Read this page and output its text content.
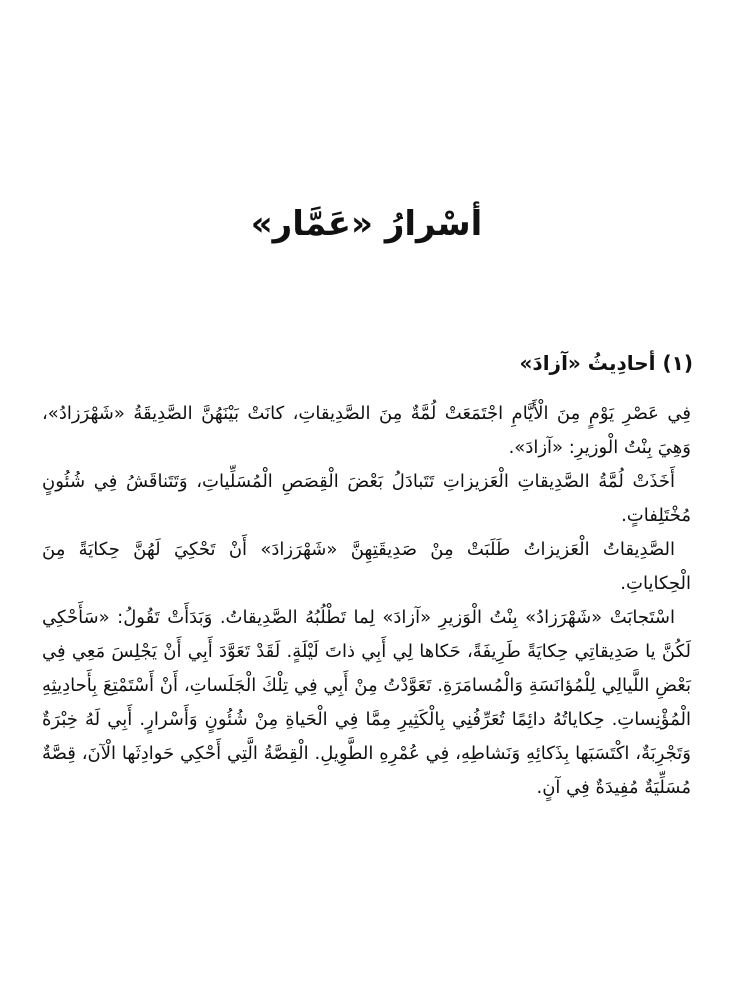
أسْرارُ «عَمَّار»
(١) أحادِيثُ «آزادَ»

فِي عَصْرِ يَوْمٍ مِنَ الْأَيَّامِ اجْتَمَعَتْ لُمَّةٌ مِنَ الصَّدِيقاتِ، كانَتْ بَيْنَهُنَّ الصَّدِيقَةُ «شَهْرَزادُ»، وَهِيَ بِنْتُ الْوزيرِ: «آزادَ».

أَخَذَتْ لُمَّةُ الصَّدِيقاتِ الْعَزيزاتِ تَتَبادَلُ بَعْضَ الْقِصَصِ الْمُسَلِّياتِ، وَتَتَناقَشُ فِي شُئُونٍ مُخْتَلِفاتٍ.

الصَّدِيقاتُ الْعَزيزاتُ طَلَبَتْ مِنْ صَدِيقَتِهِنَّ «شَهْرَزادَ» أَنْ تَحْكِيَ لَهُنَّ حِكايَةً مِنَ الْحِكاياتِ.

اسْتَجابَتْ «شَهْرَزادُ» بِنْتُ الْوَزيرِ «آزادَ» لِما تَطْلُبُهُ الصَّدِيقاتُ. وَبَدَأَتْ تَقُولُ: «سَأَحْكِي لَكُنَّ يا صَدِيقاتِي حِكايَةً طَرِيفَةً، حَكاها لِي أَبِي ذاتَ لَيْلَةٍ. لَقَدْ تَعَوَّدَ أَبِي أَنْ يَجْلِسَ مَعِي فِي بَعْضِ اللَّيالِي لِلْمُؤانَسَةِ وَالْمُسامَرَةِ. تَعَوَّدْتُ مِنْ أَبِي فِي تِلْكَ الْجَلَساتِ، أَنْ أَسْتَمْتِعَ بِأَحادِيثِهِ الْمُؤْنِساتِ. حِكاياتُهُ دائِمًا تُعَرِّفُنِي بِالْكَثِيرِ مِمَّا فِي الْحَياةِ مِنْ شُئُونٍ وَأَسْرارٍ. أَبِي لَهُ خِبْرَةٌ وَتَجْرِبَةٌ، اكْتَسَبَها بِذَكائِهِ وَنَشاطِهِ، فِي عُمْرِهِ الطَّوِيلِ. الْقِصَّةُ الَّتِي أَحْكِي حَوادِثَها الْآنَ، قِصَّةٌ مُسَلِّيَةٌ مُفِيدَةٌ فِي آنٍ.
